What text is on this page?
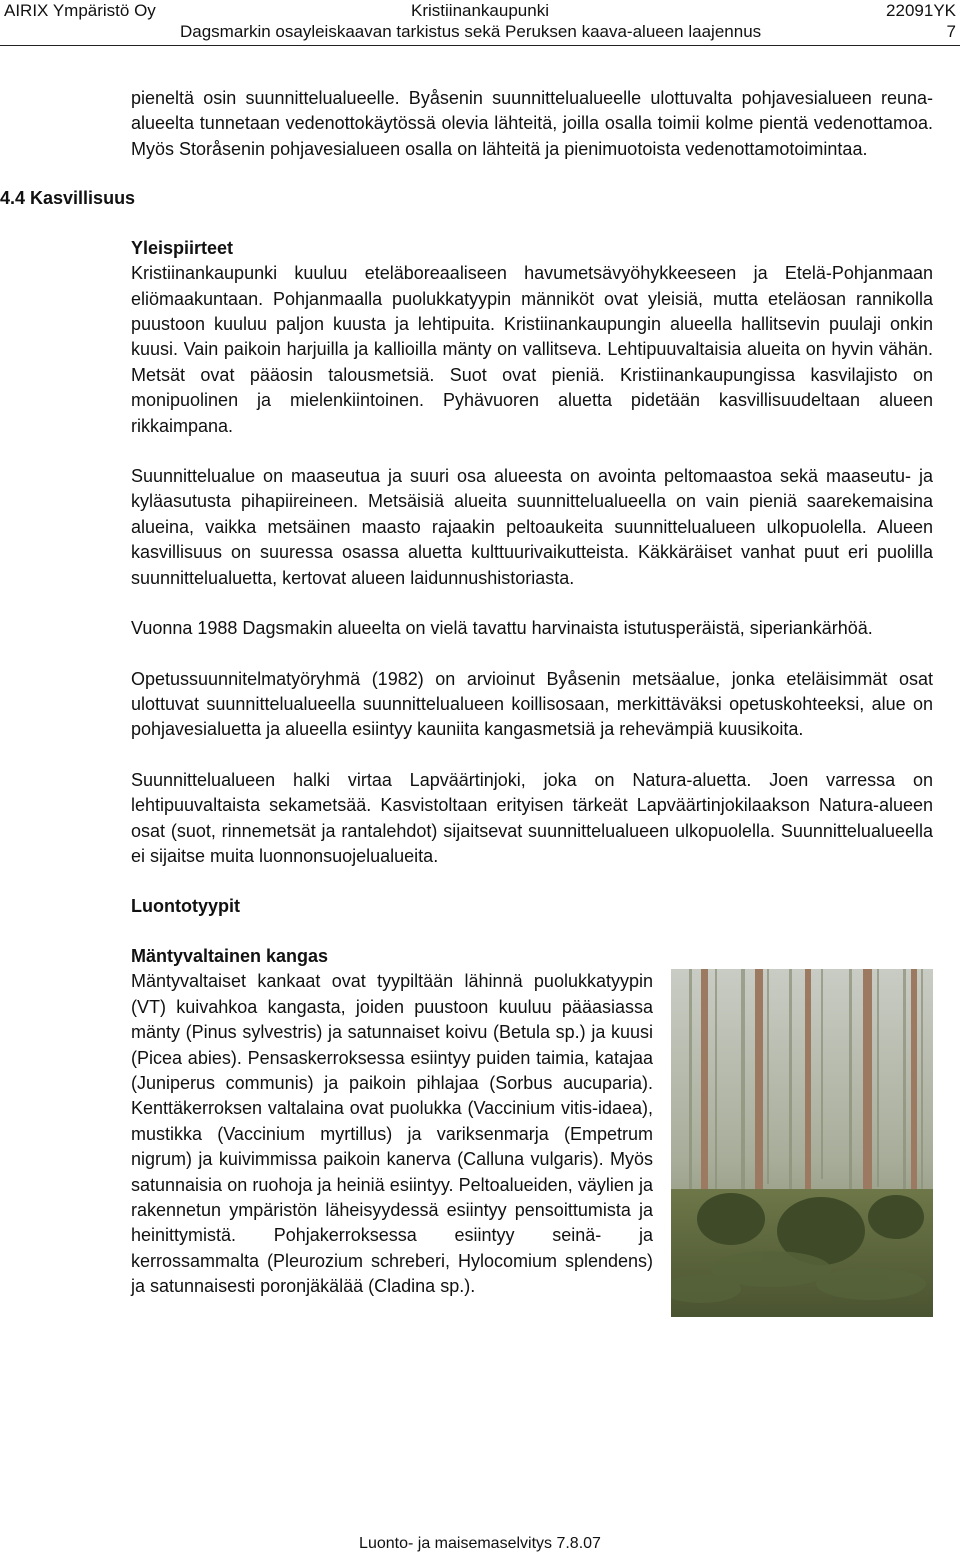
AIRIX Ympäristö Oy	Kristiinankaupunki	22091YK
Dagsmarkin osayleiskaavan tarkistus sekä Peruksen kaava-alueen laajennus	7

pieneltä osin suunnittelualueelle. Byåsenin suunnittelualueelle ulottuvalta pohjavesialueen reuna-alueelta tunnetaan vedenottokäytössä olevia lähteitä, joilla osalla toimii kolme pientä vedenottamoa. Myös Storåsenin pohjavesialueen osalla on lähteitä ja pienimuotoista vedenottamotoimintaa.

4.4 Kasvillisuus
Yleispiirteet

Kristiinankaupunki kuuluu eteläboreaaliseen havumetsävyöhykkeeseen ja Etelä-Pohjanmaan eliömaakuntaan. Pohjanmaalla puolukkatyypin männiköt ovat yleisiä, mutta eteläosan rannikolla puustoon kuuluu paljon kuusta ja lehtipuita. Kristiinankaupungin alueella hallitsevin puulaji onkin kuusi. Vain paikoin harjuilla ja kallioilla mänty on vallitseva. Lehtipuuvaltaisia alueita on hyvin vähän. Metsät ovat pääosin talousmetsiä. Suot ovat pieniä. Kristiinankaupungissa kasvilajisto on monipuolinen ja mielenkiintoinen. Pyhävuoren aluetta pidetään kasvillisuudeltaan alueen rikkaimpana.

Suunnittelualue on maaseutua ja suuri osa alueesta on avointa peltomaastoa sekä maaseutu- ja kyläasutusta pihapiireineen. Metsäisiä alueita suunnittelualueella on vain pieniä saarekemaisina alueina, vaikka metsäinen maasto rajaakin peltoaukeita suunnittelualueen ulkopuolella. Alueen kasvillisuus on suuressa osassa aluetta kulttuurivaikutteista. Käkkäräiset vanhat puut eri puolilla suunnittelualuetta, kertovat alueen laidunnushistoriasta.

Vuonna 1988 Dagsmakin alueelta on vielä tavattu harvinaista istutusperäistä, siperiankärhöä.

Opetussuunnitelmatyöryhmä (1982) on arvioinut Byåsenin metsäalue, jonka eteläisimmät osat ulottuvat suunnittelualueella suunnittelualueen koillisosaan, merkittäväksi opetuskohteeksi, alue on pohjavesialuetta ja alueella esiintyy kauniita kangasmetsiä ja rehevämpiä kuusikoita.

Suunnittelualueen halki virtaa Lapväärtinjoki, joka on Natura-aluetta. Joen varressa on lehtipuuvaltaista sekametsää. Kasvistoltaan erityisen tärkeät Lapväärtinjokilaakson Natura-alueen osat (suot, rinnemetsät ja rantalehdot) sijaitsevat suunnittelualueen ulkopuolella. Suunnittelualueella ei sijaitse muita luonnonsuojelualueita.

Luontotyypit
Mäntyvaltainen kangas

Mäntyvaltaiset kankaat ovat tyypiltään lähinnä puolukkatyypin (VT) kuivahkoa kangasta, joiden puustoon kuuluu pääasiassa mänty (Pinus sylvestris) ja satunnaiset koivu (Betula sp.) ja kuusi (Picea abies). Pensaskerroksessa esiintyy puiden taimia, katajaa (Juniperus communis) ja paikoin pihlajaa (Sorbus aucuparia). Kenttäkerroksen valtalaina ovat puolukka (Vaccinium vitis-idaea), mustikka (Vaccinium myrtillus) ja variksenmarja (Empetrum nigrum) ja kuivimmissa paikoin kanerva (Calluna vulgaris). Myös satunnaisia on ruohoja ja heiniä esiintyy. Peltoalueiden, väylien ja rakennetun ympäristön läheisyydessä esiintyy pensoittumista ja heinittymistä. Pohjakerroksessa esiintyy seinä- ja kerrossammalta (Pleurozium schreberi, Hylocomium splendens) ja satunnaisesti poronjäkälää (Cladina sp.).

Luonto- ja maisemaselvitys 7.8.07
